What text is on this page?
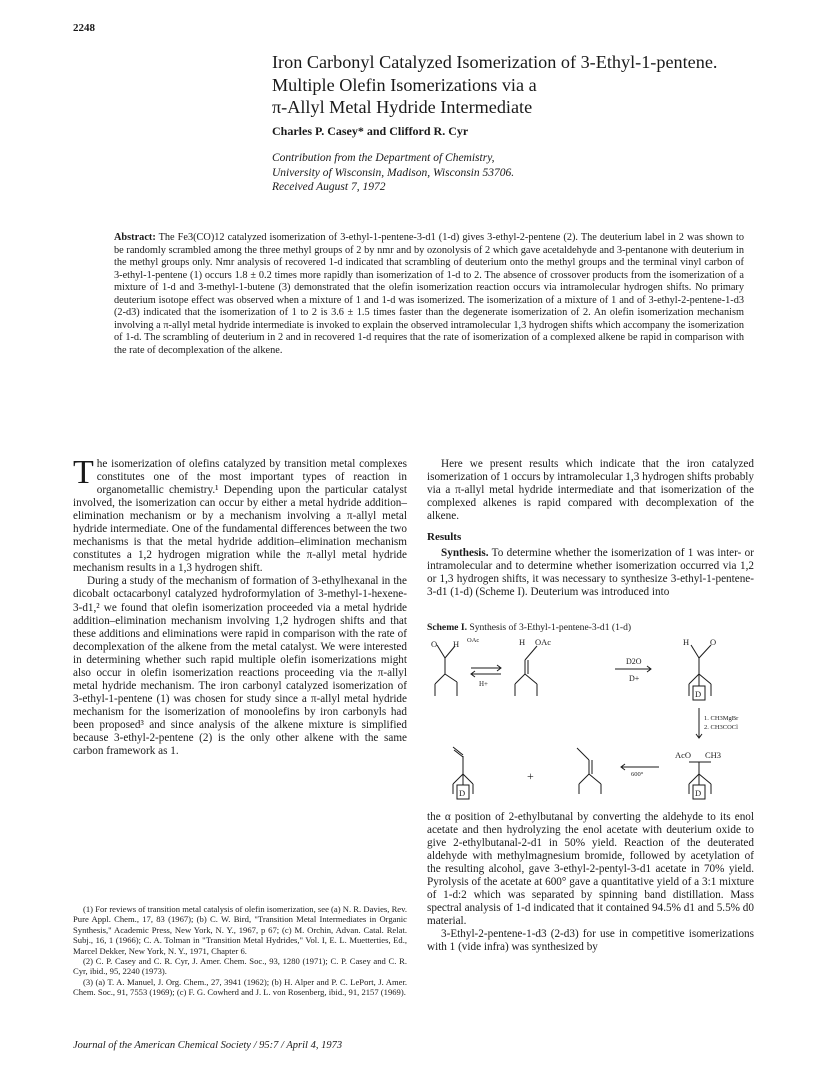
2248
Iron Carbonyl Catalyzed Isomerization of 3-Ethyl-1-pentene.
Multiple Olefin Isomerizations via a
π-Allyl Metal Hydride Intermediate
Charles P. Casey* and Clifford R. Cyr
Contribution from the Department of Chemistry,
University of Wisconsin, Madison, Wisconsin 53706.
Received August 7, 1972
Abstract: The Fe3(CO)12 catalyzed isomerization of 3-ethyl-1-pentene-3-d1 (1-d) gives 3-ethyl-2-pentene (2). The deuterium label in 2 was shown to be randomly scrambled among the three methyl groups of 2 by nmr and by ozonolysis of 2 which gave acetaldehyde and 3-pentanone with deuterium in the methyl groups only. Nmr analysis of recovered 1-d indicated that scrambling of deuterium onto the methyl groups and the terminal vinyl carbon of 3-ethyl-1-pentene (1) occurs 1.8 ± 0.2 times more rapidly than isomerization of 1-d to 2. The absence of crossover products from the isomerization of a mixture of 1-d and 3-methyl-1-butene (3) demonstrated that the olefin isomerization reaction occurs via intramolecular hydrogen shifts. No primary deuterium isotope effect was observed when a mixture of 1 and 1-d was isomerized. The isomerization of a mixture of 1 and of 3-ethyl-2-pentene-1-d3 (2-d3) indicated that the isomerization of 1 to 2 is 3.6 ± 1.5 times faster than the degenerate isomerization of 2. An olefin isomerization mechanism involving a π-allyl metal hydride intermediate is invoked to explain the observed intramolecular 1,3 hydrogen shifts which accompany the isomerization of 1-d. The scrambling of deuterium in 2 and in recovered 1-d requires that the rate of isomerization of a complexed alkene be rapid in comparison with the rate of decomplexation of the alkene.

The isomerization of olefins catalyzed by transition metal complexes constitutes one of the most important types of reaction in organometallic chemistry.¹ Depending upon the particular catalyst involved, the isomerization can occur by either a metal hydride addition–elimination mechanism or by a mechanism involving a π-allyl metal hydride intermediate. One of the fundamental differences between the two mechanisms is that the metal hydride addition–elimination mechanism constitutes a 1,2 hydrogen migration while the π-allyl metal hydride mechanism results in a 1,3 hydrogen shift.

During a study of the mechanism of formation of 3-ethylhexanal in the dicobalt octacarbonyl catalyzed hydroformylation of 3-methyl-1-hexene-3-d1,² we found that olefin isomerization proceeded via a metal hydride addition–elimination mechanism involving 1,2 hydrogen shifts and that these additions and eliminations were rapid in comparison with the rate of decomplexation of the alkene from the metal catalyst. We were interested in determining whether such rapid multiple olefin isomerizations might also occur in olefin isomerization reactions proceeding via the π-allyl metal hydride mechanism. The iron carbonyl catalyzed isomerization of 3-ethyl-1-pentene (1) was chosen for study since a π-allyl metal hydride mechanism for the isomerization of monoolefins by iron carbonyls had been proposed³ and since analysis of the alkene mixture is simplified because 3-ethyl-2-pentene (2) is the only other alkene with the same carbon framework as 1.

(1) For reviews of transition metal catalysis of olefin isomerization, see (a) N. R. Davies, Rev. Pure Appl. Chem., 17, 83 (1967); (b) C. W. Bird, "Transition Metal Intermediates in Organic Synthesis," Academic Press, New York, N. Y., 1967, p 67; (c) M. Orchin, Advan. Catal. Relat. Subj., 16, 1 (1966); C. A. Tolman in "Transition Metal Hydrides," Vol. I, E. L. Muetterties, Ed., Marcel Dekker, New York, N. Y., 1971, Chapter 6.

(2) C. P. Casey and C. R. Cyr, J. Amer. Chem. Soc., 93, 1280 (1971); C. P. Casey and C. R. Cyr, ibid., 95, 2240 (1973).

(3) (a) T. A. Manuel, J. Org. Chem., 27, 3941 (1962); (b) H. Alper and P. C. LePort, J. Amer. Chem. Soc., 91, 7553 (1969); (c) F. G. Cowherd and J. L. von Rosenberg, ibid., 91, 2157 (1969).

Here we present results which indicate that the iron catalyzed isomerization of 1 occurs by intramolecular 1,3 hydrogen shifts probably via a π-allyl metal hydride intermediate and that isomerization of the complexed alkenes is rapid compared with decomplexation of the alkene.

Results

Synthesis. To determine whether the isomerization of 1 was inter- or intramolecular and to determine whether isomerization occurred via 1,2 or 1,3 hydrogen shifts, it was necessary to synthesize 3-ethyl-1-pentene-3-d1 (1-d) (Scheme I). Deuterium was introduced into

Scheme I. Synthesis of 3-Ethyl-1-pentene-3-d1 (1-d)
O H OAc
H+
H OAc
D2O
D+
H O
D
1. CH3MgBr
2. CH3COCl
AcO CH3
600°
D
D
+

the α position of 2-ethylbutanal by converting the aldehyde to its enol acetate and then hydrolyzing the enol acetate with deuterium oxide to give 2-ethylbutanal-2-d1 in 50% yield. Reaction of the deuterated aldehyde with methylmagnesium bromide, followed by acetylation of the resulting alcohol, gave 3-ethyl-2-pentyl-3-d1 acetate in 70% yield. Pyrolysis of the acetate at 600° gave a quantitative yield of a 3:1 mixture of 1-d:2 which was separated by spinning band distillation. Mass spectral analysis of 1-d indicated that it contained 94.5% d1 and 5.5% d0 material.

3-Ethyl-2-pentene-1-d3 (2-d3) for use in competitive isomerizations with 1 (vide infra) was synthesized by

Journal of the American Chemical Society / 95:7 / April 4, 1973
